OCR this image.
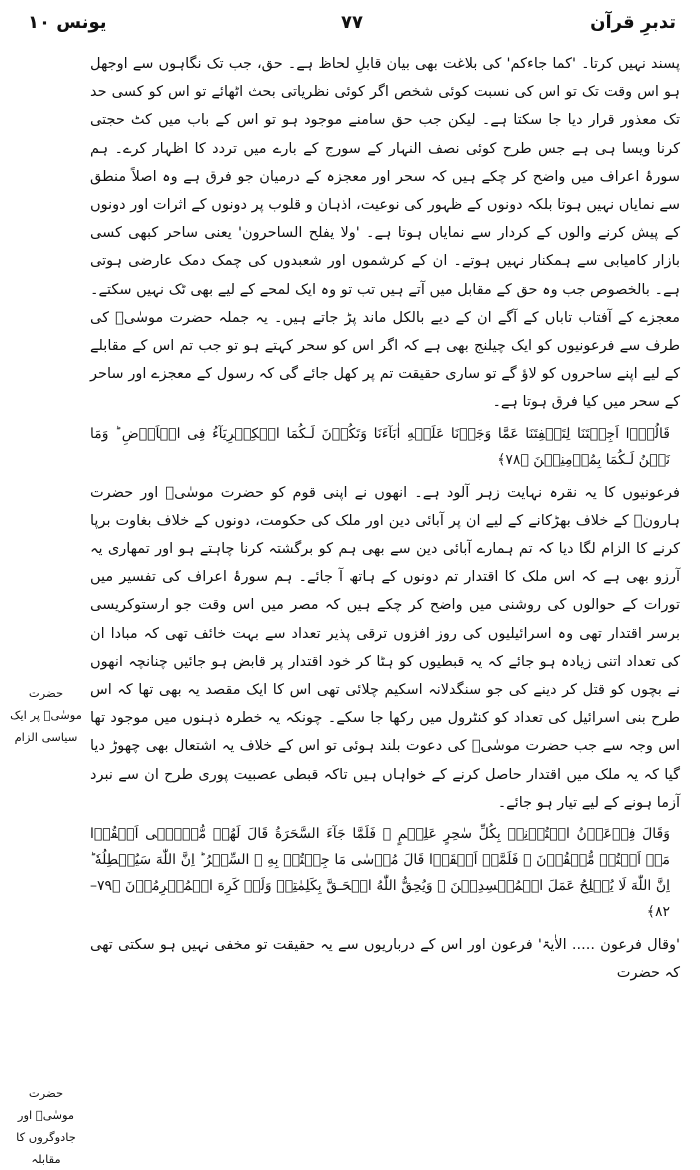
تدبرِ قرآن
۷۷
یونس ۱۰

پسند نہیں کرتا۔ 'کما جاءکم' کی بلاغت بھی بیان قابلِ لحاظ ہے۔ حق، جب تک نگاہوں سے اوجھل ہو اس وقت تک تو اس کی نسبت کوئی شخص اگر کوئی نظریاتی بحث اٹھائے تو اس کو کسی حد تک معذور قرار دیا جا سکتا ہے۔ لیکن جب حق سامنے موجود ہو تو اس کے باب میں کٹ حجتی کرنا ویسا ہی ہے جس طرح کوئی نصف النہار کے سورج کے بارے میں تردد کا اظہار کرے۔ ہم سورۂ اعراف میں واضح کر چکے ہیں کہ سحر اور معجزہ کے درمیان جو فرق ہے وہ اصلاً منطق سے نمایاں نہیں ہوتا بلکہ دونوں کے ظہور کی نوعیت، اذہان و قلوب پر دونوں کے اثرات اور دونوں کے پیش کرنے والوں کے کردار سے نمایاں ہوتا ہے۔ 'ولا یفلح الساحرون' یعنی ساحر کبھی کسی بازار کامیابی سے ہمکنار نہیں ہوتے۔ ان کے کرشموں اور شعبدوں کی چمک دمک عارضی ہوتی ہے۔ بالخصوص جب وہ حق کے مقابل میں آتے ہیں تب تو وہ ایک لمحے کے لیے بھی ٹک نہیں سکتے۔ معجزے کے آفتاب تاباں کے آگے ان کے دیے بالکل ماند پڑ جاتے ہیں۔ یہ جملہ حضرت موسٰیؑ کی طرف سے فرعونیوں کو ایک چیلنج بھی ہے کہ اگر اس کو سحر کہتے ہو تو جب تم اس کے مقابلے کے لیے اپنے ساحروں کو لاؤ گے تو ساری حقیقت تم پر کھل جائے گی کہ رسول کے معجزے اور ساحر کے سحر میں کیا فرق ہوتا ہے۔

قَالُوۡۤا اَجِئۡتَنَا لِتَلۡفِتَنَا عَمَّا وَجَدۡنَا عَلَيۡهِ اٰبَآءَنَا وَتَكُوۡنَ لَـكُمَا الۡكِبۡرِيَآءُ فِى الۡاَرۡضِ ؕ وَمَا نَحۡنُ لَـكُمَا بِمُؤۡمِنِيۡنَ ﴿۷۸﴾

فرعونیوں کا یہ نقرہ نہایت زہر آلود ہے۔ انھوں نے اپنی قوم کو حضرت موسٰیؑ اور حضرت ہارونؑ کے خلاف بھڑکانے کے لیے ان پر آبائی دین اور ملک کی حکومت، دونوں کے خلاف بغاوت برپا کرنے کا الزام لگا دیا کہ تم ہمارے آبائی دین سے بھی ہم کو برگشتہ کرنا چاہتے ہو اور تمھاری یہ آرزو بھی ہے کہ اس ملک کا اقتدار تم دونوں کے ہاتھ آ جائے۔ ہم سورۂ اعراف کی تفسیر میں تورات کے حوالوں کی روشنی میں واضح کر چکے ہیں کہ مصر میں اس وقت جو ارستوکریسی برسر اقتدار تھی وہ اسرائیلیوں کی روز افزوں ترقی پذیر تعداد سے بہت خائف تھی کہ مبادا ان کی تعداد اتنی زیادہ ہو جائے کہ یہ قبطیوں کو ہٹا کر خود اقتدار پر قابض ہو جائیں چنانچہ انھوں نے بچوں کو قتل کر دینے کی جو سنگدلانہ اسکیم چلائی تھی اس کا ایک مقصد یہ بھی تھا کہ اس طرح بنی اسرائیل کی تعداد کو کنٹرول میں رکھا جا سکے۔ چونکہ یہ خطرہ ذہنوں میں موجود تھا اس وجہ سے جب حضرت موسٰیؑ کی دعوت بلند ہوئی تو اس کے خلاف یہ اشتعال بھی چھوڑ دیا گیا کہ یہ ملک میں اقتدار حاصل کرنے کے خواہاں ہیں تاکہ قبطی عصبیت پوری طرح ان سے نبرد آزما ہونے کے لیے تیار ہو جائے۔

وَقَالَ فِرۡعَوۡنُ ائۡتُوۡنِىۡ بِكُلِّ سٰحِرٍ عَلِيۡمٍ ۚ فَلَمَّا جَآءَ السَّحَرَةُ قَالَ لَهُمۡ مُّوۡسٰۤى اَلۡقُوۡا مَاۤ اَنۡتُمۡ مُّلۡقُوۡنَ ۚ فَلَمَّاۤ اَلۡقَوۡا قَالَ مُوۡسٰى مَا جِئۡتُمۡ بِهِ ۙ السِّحۡرُ ؕ اِنَّ اللّٰهَ سَيُبۡطِلُهٗ ؕ اِنَّ اللّٰهَ لَا يُصۡلِحُ عَمَلَ الۡمُفۡسِدِيۡنَ ۚ وَيُحِقُّ اللّٰهُ الۡحَـقَّ بِكَلِمٰتِهٖ وَلَوۡ كَرِهَ الۡمُجۡرِمُوۡنَ ﴿۷۹–۸۲﴾

'وقال فرعون ..... الاٰیۃ' فرعون اور اس کے درباریوں سے یہ حقیقت تو مخفی نہیں ہو سکتی تھی کہ حضرت

حضرت موسٰیؑ پر ایک سیاسی الزام
حضرت موسٰیؑ اور جادوگروں کا مقابلہ
